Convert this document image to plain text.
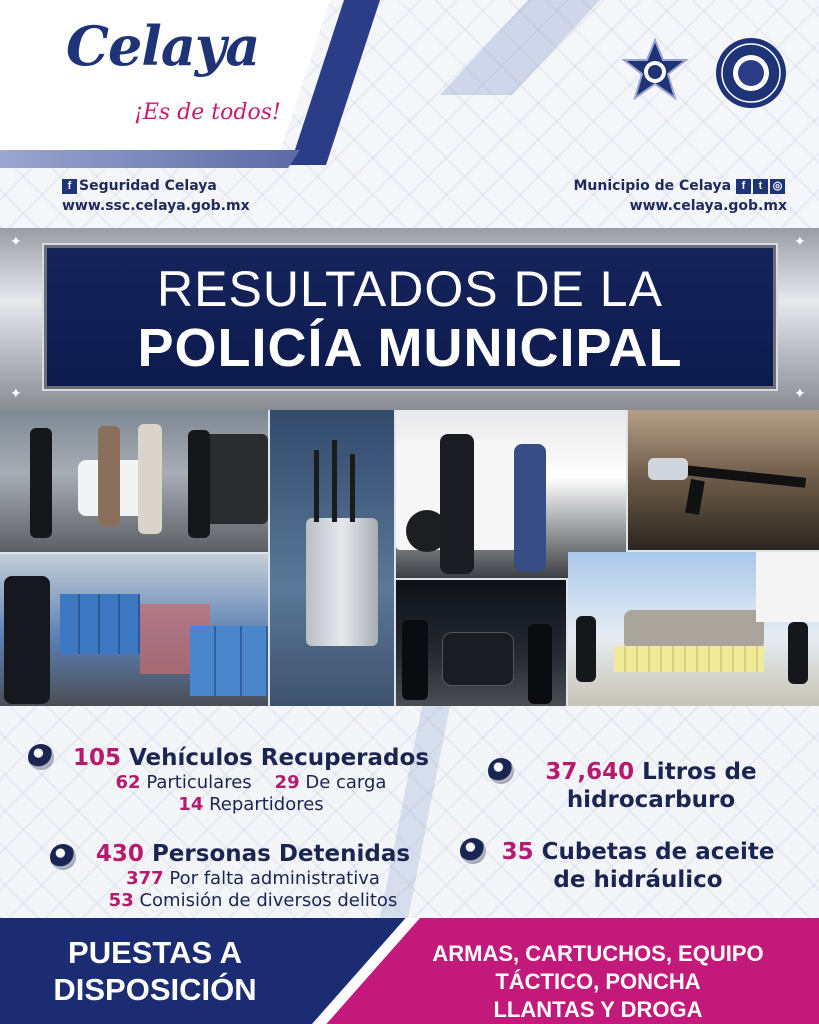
Celaya
¡Es de todos!
f Seguridad Celaya
www.ssc.celaya.gob.mx
Municipio de Celaya f t ◎
www.celaya.gob.mx
✦	✦
✦	✦
RESULTADOS DE LA
POLICÍA MUNICIPAL
105 Vehículos Recuperados
62 Particulares 29 De carga
14 Repartidores
37,640 Litros de
hidrocarburo
430 Personas Detenidas
377 Por falta administrativa
53 Comisión de diversos delitos
35 Cubetas de aceite
de hidráulico
PUESTAS A
DISPOSICIÓN
ARMAS, CARTUCHOS, EQUIPO
TÁCTICO, PONCHA
LLANTAS Y DROGA
